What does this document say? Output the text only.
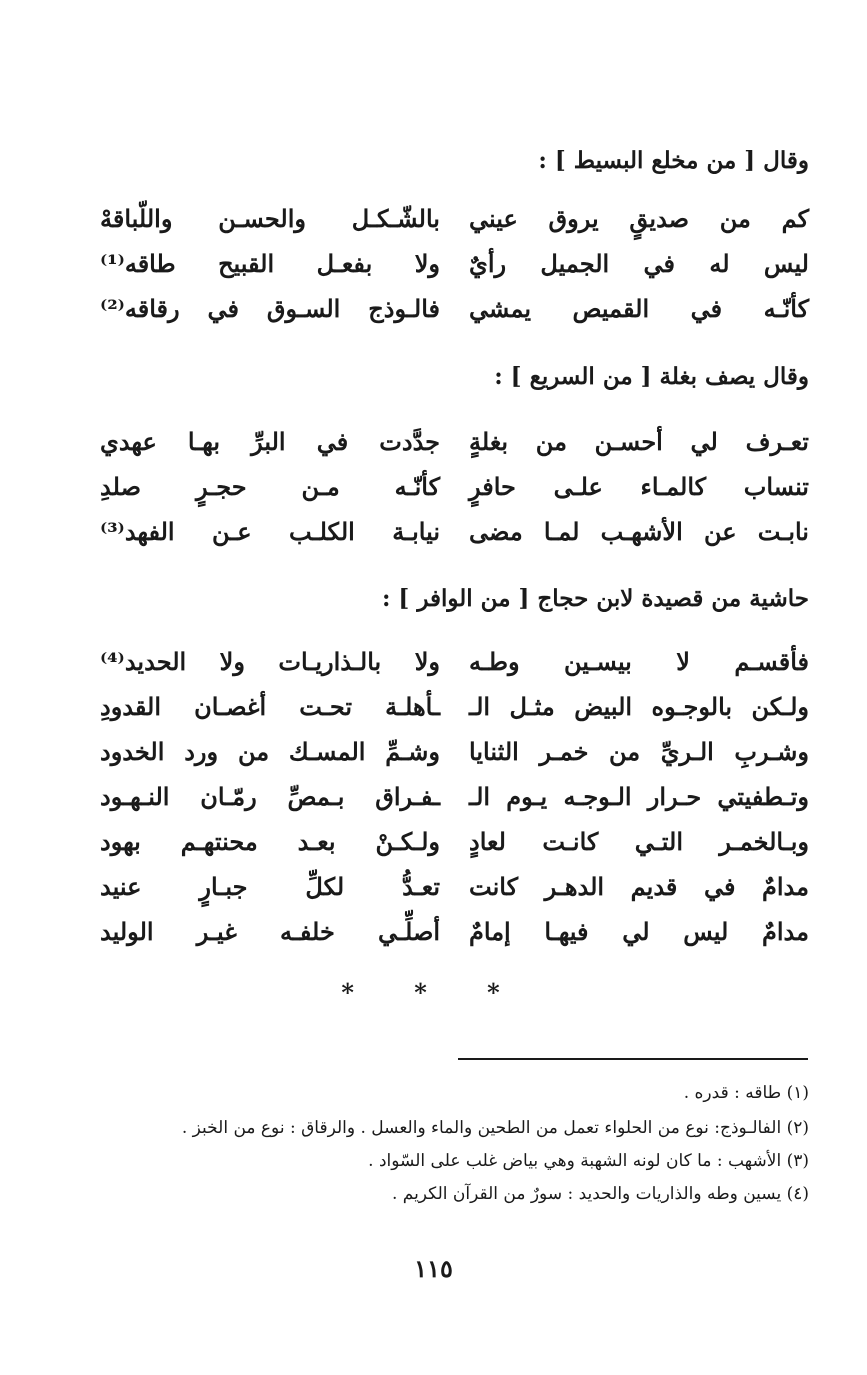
* * *
(١) طاقه : قدره .
(٢) الفالـوذج: نوع من الحلواء تعمل من الطحين والماء والعسل . والرقاق : نوع من الخبز .
(٣) الأشهب : ما كان لونه الشهبة وهي بياض غلب على السّواد .
(٤) يسين وطه والذاريات والحديد : سورٌ من القرآن الكريم .
١١٥
وقال [ من مخلع البسيط ] :
كم
من
صديقٍ
يروق
عيني
بالشّـكـل
والحسـن
واللّباقهْ
ليس
له
في
الجميل
رأيٌ
ولا
بفعـل
القبيح
طاقه⁽¹⁾
كأنّـه
في
القميص
يمشي
فالـوذج
السـوق
في
رقاقه⁽²⁾
وقال يصف بغلة [ من السريع ] :
تعـرف
لي
أحسـن
من
بغلةٍ
جدَّدت
في
البرِّ
بهـا
عهدي
تنساب
كالمـاء
علـى
حافرٍ
كأنّـه
مـن
حجـرٍ
صلدِ
نابـت
عن
الأشهـب
لمـا
مضى
نيابـة
الكلـب
عـن
الفهد⁽³⁾
حاشية من قصيدة لابن حجاج [ من الوافر ] :
فأقسـم
لا
بيسـين
وطـه
ولا
بالـذاريـات
ولا
الحديد⁽⁴⁾
ولـكن
بالوجـوه
البيض
مثـل
الـ
ـأهلـة
تحـت
أغصـان
القدودِ
وشـربِ
الـريِّ
من
خمـر
الثنايا
وشـمِّ
المسـك
من
ورد
الخدود
وتـطفيتي
حـرار
الـوجـه
يـوم
الـ
ـفـراق
بـمصِّ
رمّـان
النـهـود
وبـالخمـر
التـي
كانـت
لعادٍ
ولـكـنْ
بعـد
محنتهـم
بهود
مدامٌ
في
قديم
الدهـر
كانت
تعـدُّ
لكلِّ
جبـارٍ
عنيد
مدامٌ
ليس
لي
فيهـا
إمامٌ
أصلِّـي
خلفـه
غيـر
الوليد
